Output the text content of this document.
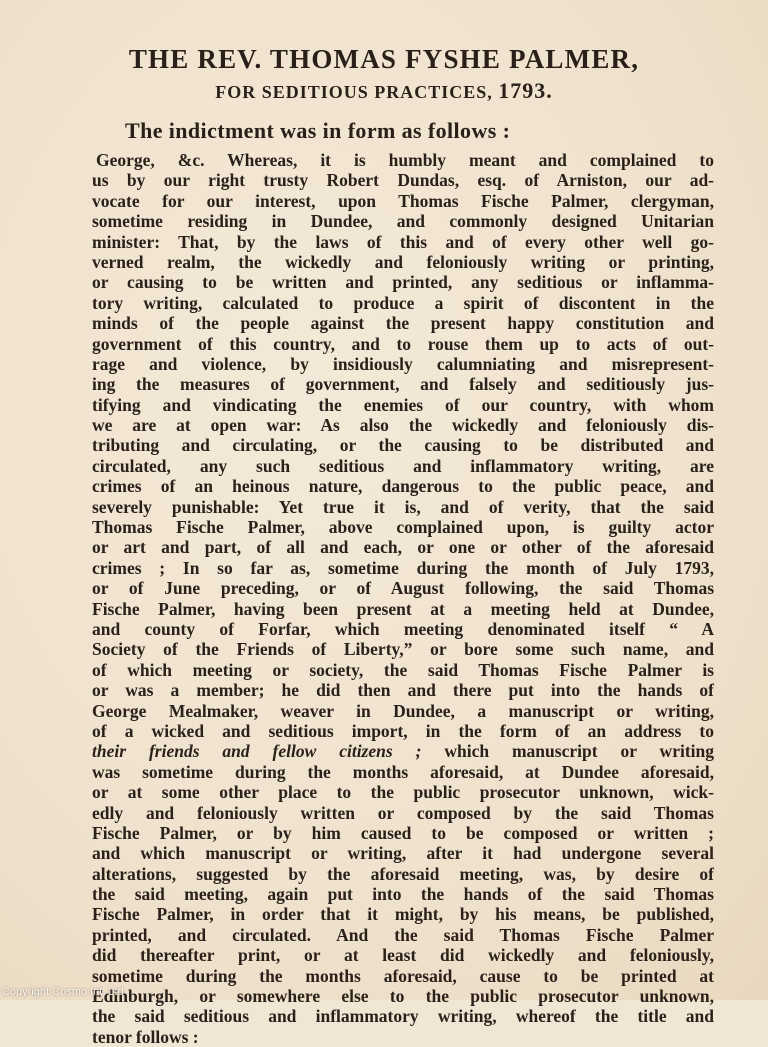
THE REV. THOMAS FYSHE PALMER,
FOR SEDITIOUS PRACTICES, 1793.
The indictment was in form as follows :
George, &c. Whereas, it is humbly meant and complained to
us by our right trusty Robert Dundas, esq. of Arniston, our ad-
vocate for our interest, upon Thomas Fische Palmer, clergyman,
sometime residing in Dundee, and commonly designed Unitarian
minister: That, by the laws of this and of every other well go-
verned realm, the wickedly and feloniously writing or printing,
or causing to be written and printed, any seditious or inflamma-
tory writing, calculated to produce a spirit of discontent in the
minds of the people against the present happy constitution and
government of this country, and to rouse them up to acts of out-
rage and violence, by insidiously calumniating and misrepresent-
ing the measures of government, and falsely and seditiously jus-
tifying and vindicating the enemies of our country, with whom
we are at open war: As also the wickedly and feloniously dis-
tributing and circulating, or the causing to be distributed and
circulated, any such seditious and inflammatory writing, are
crimes of an heinous nature, dangerous to the public peace, and
severely punishable: Yet true it is, and of verity, that the said
Thomas Fische Palmer, above complained upon, is guilty actor
or art and part, of all and each, or one or other of the aforesaid
crimes ; In so far as, sometime during the month of July 1793,
or of June preceding, or of August following, the said Thomas
Fische Palmer, having been present at a meeting held at Dundee,
and county of Forfar, which meeting denominated itself “ A
Society of the Friends of Liberty,” or bore some such name, and
of which meeting or society, the said Thomas Fische Palmer is
or was a member; he did then and there put into the hands of
George Mealmaker, weaver in Dundee, a manuscript or writing,
of a wicked and seditious import, in the form of an address to
their friends and fellow citizens ; which manuscript or writing
was sometime during the months aforesaid, at Dundee aforesaid,
or at some other place to the public prosecutor unknown, wick-
edly and feloniously written or composed by the said Thomas
Fische Palmer, or by him caused to be composed or written ;
and which manuscript or writing, after it had undergone several
alterations, suggested by the aforesaid meeting, was, by desire of
the said meeting, again put into the hands of the said Thomas
Fische Palmer, in order that it might, by his means, be published,
printed, and circulated. And the said Thomas Fische Palmer
did thereafter print, or at least did wickedly and feloniously,
sometime during the months aforesaid, cause to be printed at
Edinburgh, or somewhere else to the public prosecutor unknown,
the said seditious and inflammatory writing, whereof the title and
tenor follows :
Copyright Cosmo Int. Ltd
